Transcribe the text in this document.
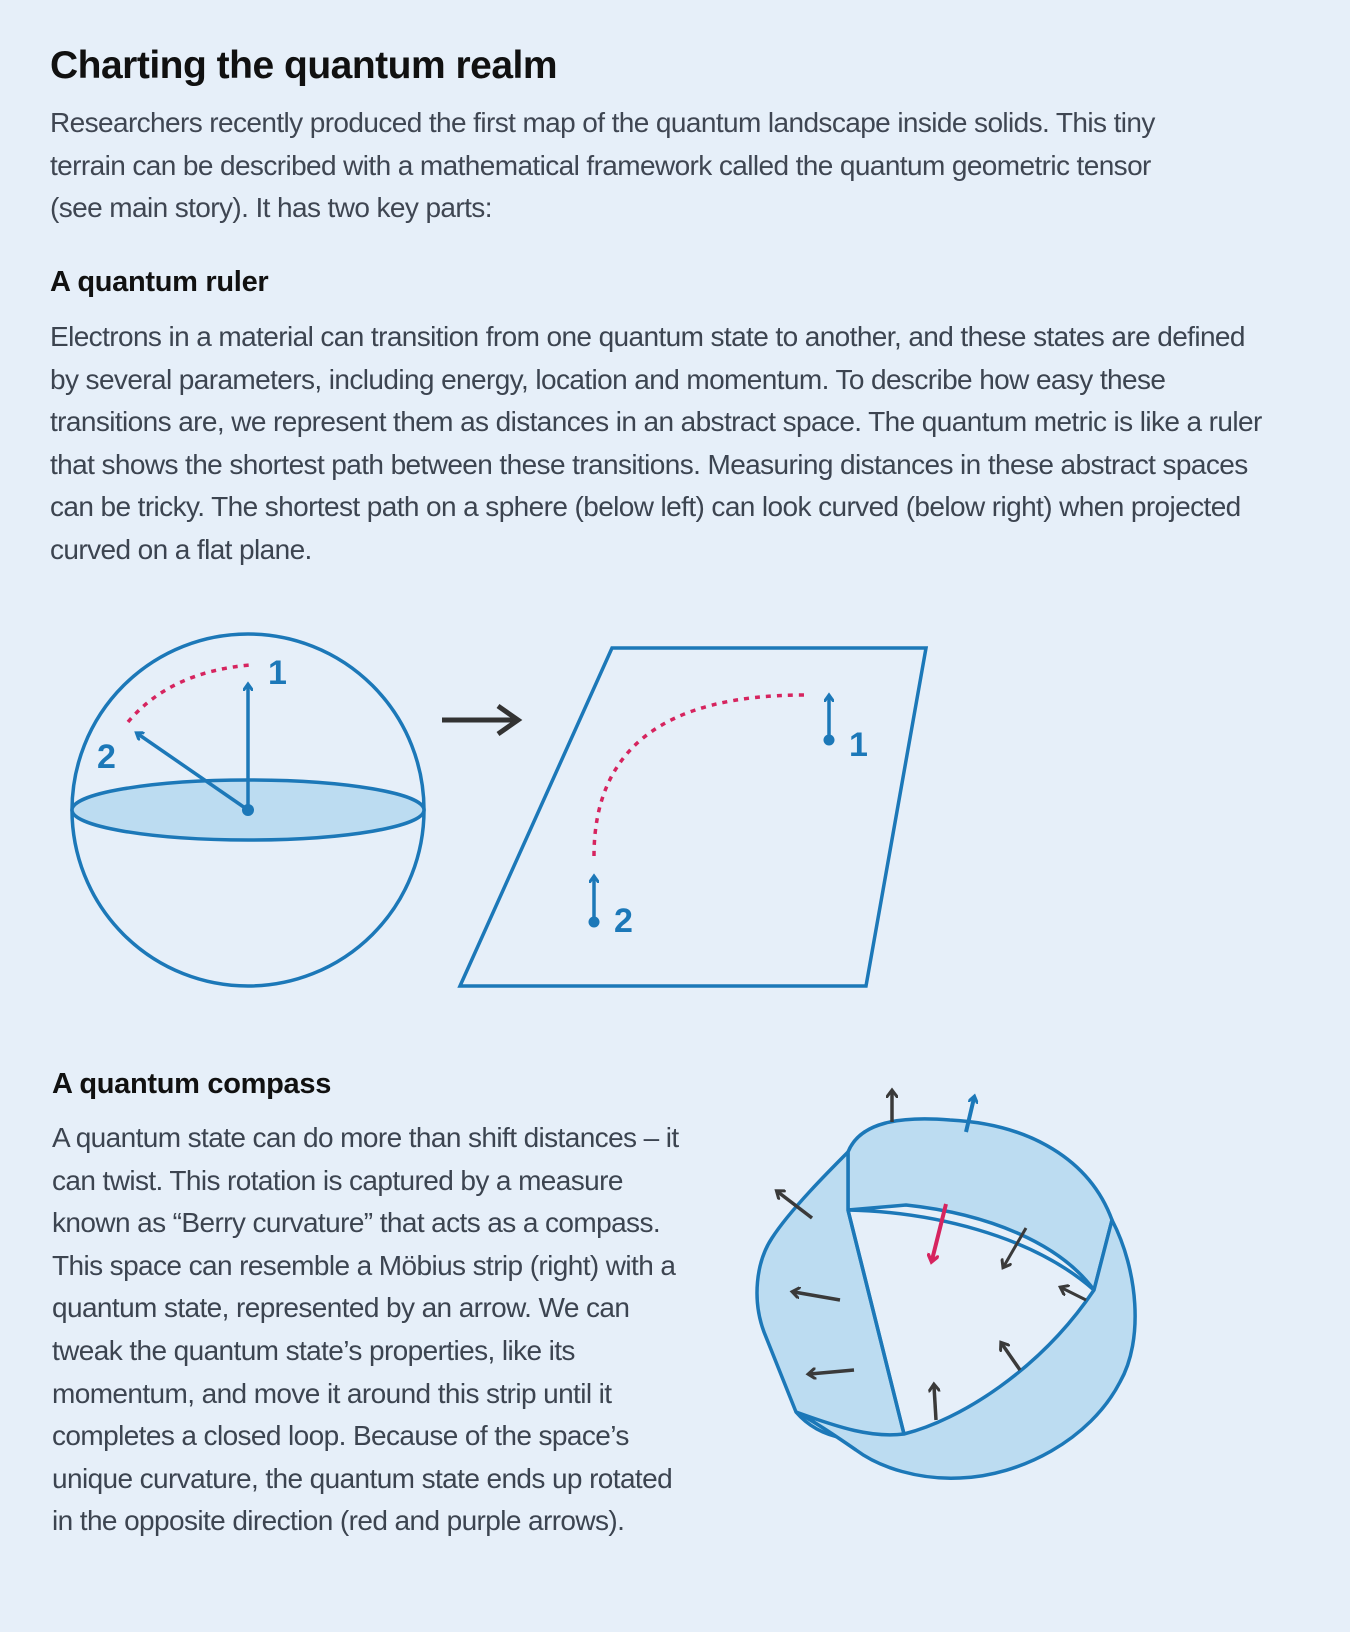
Charting the quantum realm

Researchers recently produced the first map of the quantum landscape inside solids. This tiny terrain can be described with a mathematical framework called the quantum geometric tensor (see main story). It has two key parts:

A quantum ruler

Electrons in a material can transition from one quantum state to another, and these states are defined by several parameters, including energy, location and momentum. To describe how easy these transitions are, we represent them as distances in an abstract space. The quantum metric is like a ruler that shows the shortest path between these transitions. Measuring distances in these abstract spaces can be tricky. The shortest path on a sphere (below left) can look curved (below right) when projected curved on a flat plane.

A quantum compass

A quantum state can do more than shift distances – it can twist. This rotation is captured by a measure known as “Berry curvature” that acts as a compass. This space can resemble a Möbius strip (right) with a quantum state, represented by an arrow. We can tweak the quantum state’s properties, like its momentum, and move it around this strip until it completes a closed loop. Because of the space’s unique curvature, the quantum state ends up rotated in the opposite direction (red and purple arrows).

1
2	1
2
